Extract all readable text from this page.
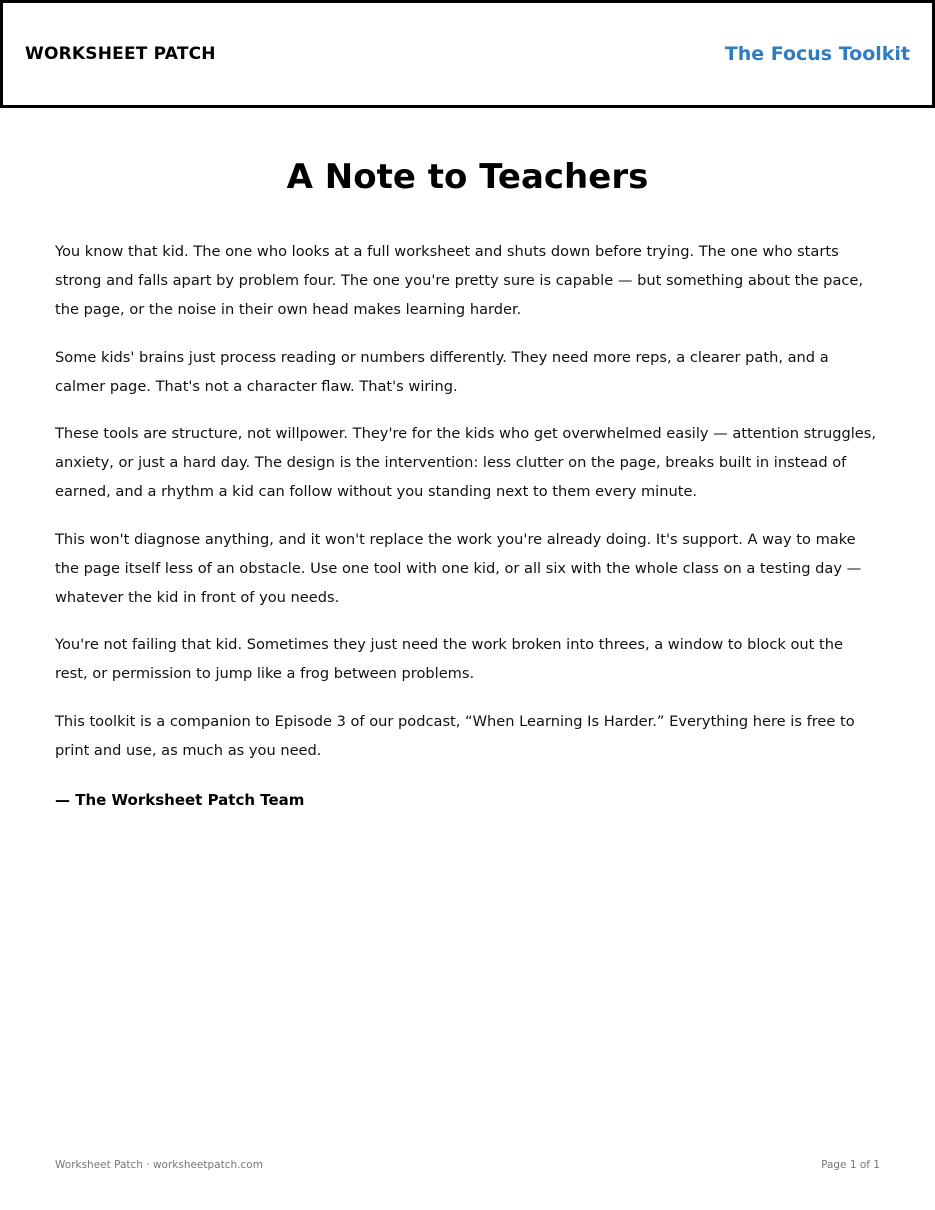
WORKSHEET PATCH	The Focus Toolkit
A Note to Teachers

You know that kid. The one who looks at a full worksheet and shuts down before trying. The one who starts strong and falls apart by problem four. The one you're pretty sure is capable — but something about the pace, the page, or the noise in their own head makes learning harder.

Some kids' brains just process reading or numbers differently. They need more reps, a clearer path, and a calmer page. That's not a character flaw. That's wiring.

These tools are structure, not willpower. They're for the kids who get overwhelmed easily — attention struggles, anxiety, or just a hard day. The design is the intervention: less clutter on the page, breaks built in instead of earned, and a rhythm a kid can follow without you standing next to them every minute.

This won't diagnose anything, and it won't replace the work you're already doing. It's support. A way to make the page itself less of an obstacle. Use one tool with one kid, or all six with the whole class on a testing day — whatever the kid in front of you needs.

You're not failing that kid. Sometimes they just need the work broken into threes, a window to block out the rest, or permission to jump like a frog between problems.

This toolkit is a companion to Episode 3 of our podcast, “When Learning Is Harder.” Everything here is free to print and use, as much as you need.

— The Worksheet Patch Team

Worksheet Patch · worksheetpatch.com	Page 1 of 1
